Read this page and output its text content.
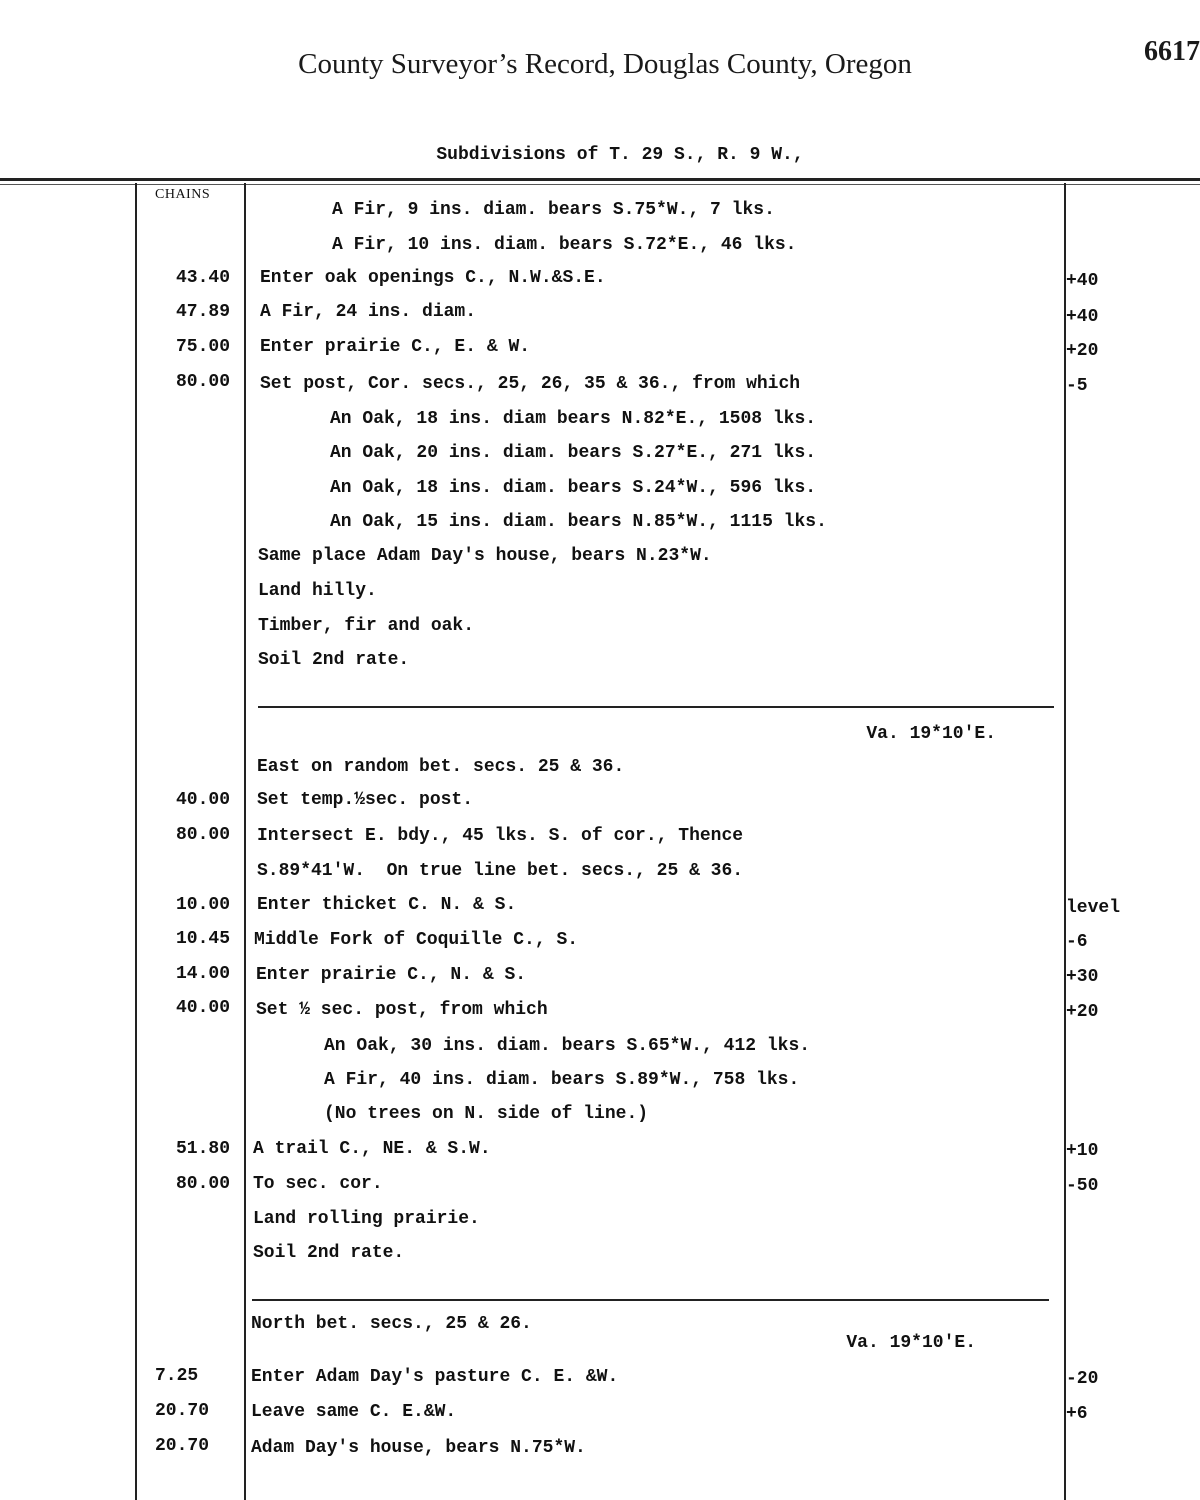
County Surveyor’s Record, Douglas County, Oregon	6617
Subdivisions of T. 29 S., R. 9 W.,
CHAINS
A Fir, 9 ins. diam. bears S.75*W., 7 lks.
A Fir, 10 ins. diam. bears S.72*E., 46 lks.
43.40 Enter oak openings C., N.W.&S.E.	+40
47.89 A Fir, 24 ins. diam.	+40
75.00 Enter prairie C., E. & W.	+20
80.00 Set post, Cor. secs., 25, 26, 35 & 36., from which	-5
An Oak, 18 ins. diam bears N.82*E., 1508 lks.
An Oak, 20 ins. diam. bears S.27*E., 271 lks.
An Oak, 18 ins. diam. bears S.24*W., 596 lks.
An Oak, 15 ins. diam. bears N.85*W., 1115 lks.
Same place Adam Day's house, bears N.23*W.
Land hilly.
Timber, fir and oak.
Soil 2nd rate.
Va. 19*10'E.
East on random bet. secs. 25 & 36.
40.00 Set temp.½sec. post.
80.00 Intersect E. bdy., 45 lks. S. of cor., Thence
S.89*41'W.  On true line bet. secs., 25 & 36.
10.00 Enter thicket C. N. & S.	level
10.45 Middle Fork of Coquille C., S.	-6
14.00 Enter prairie C., N. & S.	+30
40.00 Set ½ sec. post, from which	+20
An Oak, 30 ins. diam. bears S.65*W., 412 lks.
A Fir, 40 ins. diam. bears S.89*W., 758 lks.
(No trees on N. side of line.)
51.80 A trail C., NE. & S.W.	+10
80.00 To sec. cor.	-50
Land rolling prairie.
Soil 2nd rate.
North bet. secs., 25 & 26.
Va. 19*10'E.
7.25	Enter Adam Day's pasture C. E. &W.	-20
20.70 Leave same C. E.&W.	+6
20.70 Adam Day's house, bears N.75*W.
